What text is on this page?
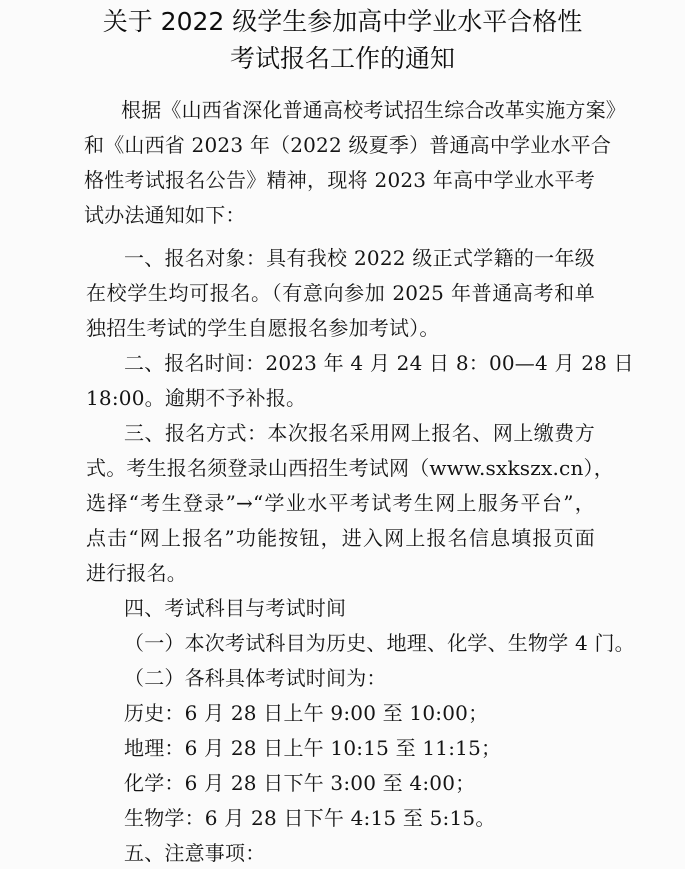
关于 2022 级学生参加高中学业水平合格性
考试报名工作的通知
根据《山西省深化普通高校考试招生综合改革实施方案》
和《山西省 2023 年（2022 级夏季）普通高中学业水平合
格性考试报名公告》精神，现将 2023 年高中学业水平考
试办法通知如下：
一、报名对象：具有我校 2022 级正式学籍的一年级
在校学生均可报名。（有意向参加 2025 年普通高考和单
独招生考试的学生自愿报名参加考试）。
二、报名时间：2023 年 4 月 24 日 8：00—4 月 28 日
18:00。逾期不予补报。
三、报名方式：本次报名采用网上报名、网上缴费方
式。考生报名须登录山西招生考试网（www.sxkszx.cn），
选择“考生登录”→“学业水平考试考生网上服务平台”，
点击“网上报名”功能按钮，进入网上报名信息填报页面
进行报名。
四、考试科目与考试时间
（一）本次考试科目为历史、地理、化学、生物学 4 门。
（二）各科具体考试时间为：
历史：6 月 28 日上午 9:00 至 10:00；
地理：6 月 28 日上午 10:15 至 11:15；
化学：6 月 28 日下午 3:00 至 4:00；
生物学：6 月 28 日下午 4:15 至 5:15。
五、注意事项：
